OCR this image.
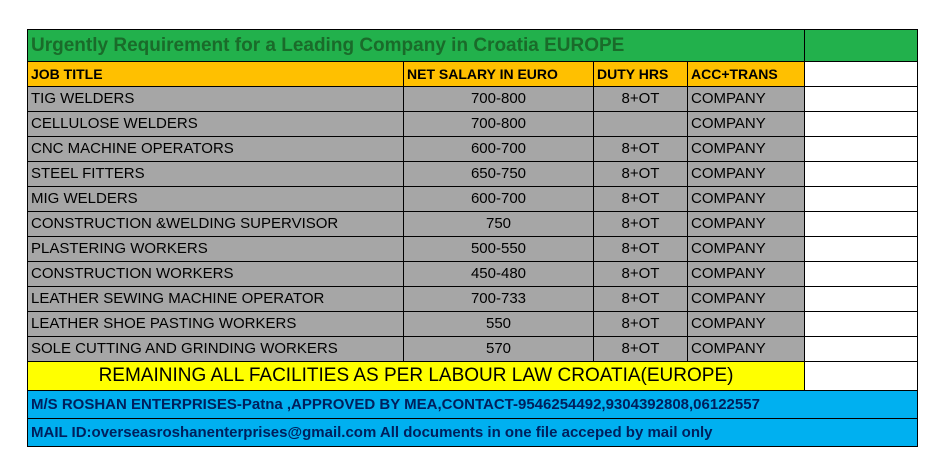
Urgently Requirement for a Leading Company in Croatia EUROPE				
JOB TITLE	NET SALARY IN EURO	DUTY HRS	ACC+TRANS	
TIG WELDERS	700-800	8+OT	COMPANY	
CELLULOSE WELDERS	700-800		COMPANY	
CNC MACHINE OPERATORS	600-700	8+OT	COMPANY	
STEEL FITTERS	650-750	8+OT	COMPANY	
MIG WELDERS	600-700	8+OT	COMPANY	
CONSTRUCTION &WELDING SUPERVISOR	750	8+OT	COMPANY	
PLASTERING WORKERS	500-550	8+OT	COMPANY	
CONSTRUCTION WORKERS	450-480	8+OT	COMPANY	
LEATHER SEWING MACHINE OPERATOR	700-733	8+OT	COMPANY	
LEATHER SHOE PASTING WORKERS	550	8+OT	COMPANY	
SOLE CUTTING AND GRINDING WORKERS	570	8+OT	COMPANY	
REMAINING ALL FACILITIES AS PER LABOUR LAW CROATIA(EUROPE)				
M/S ROSHAN ENTERPRISES-Patna ,APPROVED BY MEA,CONTACT-9546254492,9304392808,06122557				
MAIL ID:overseasroshanenterprises@gmail.com All documents in one file acceped by mail only				
